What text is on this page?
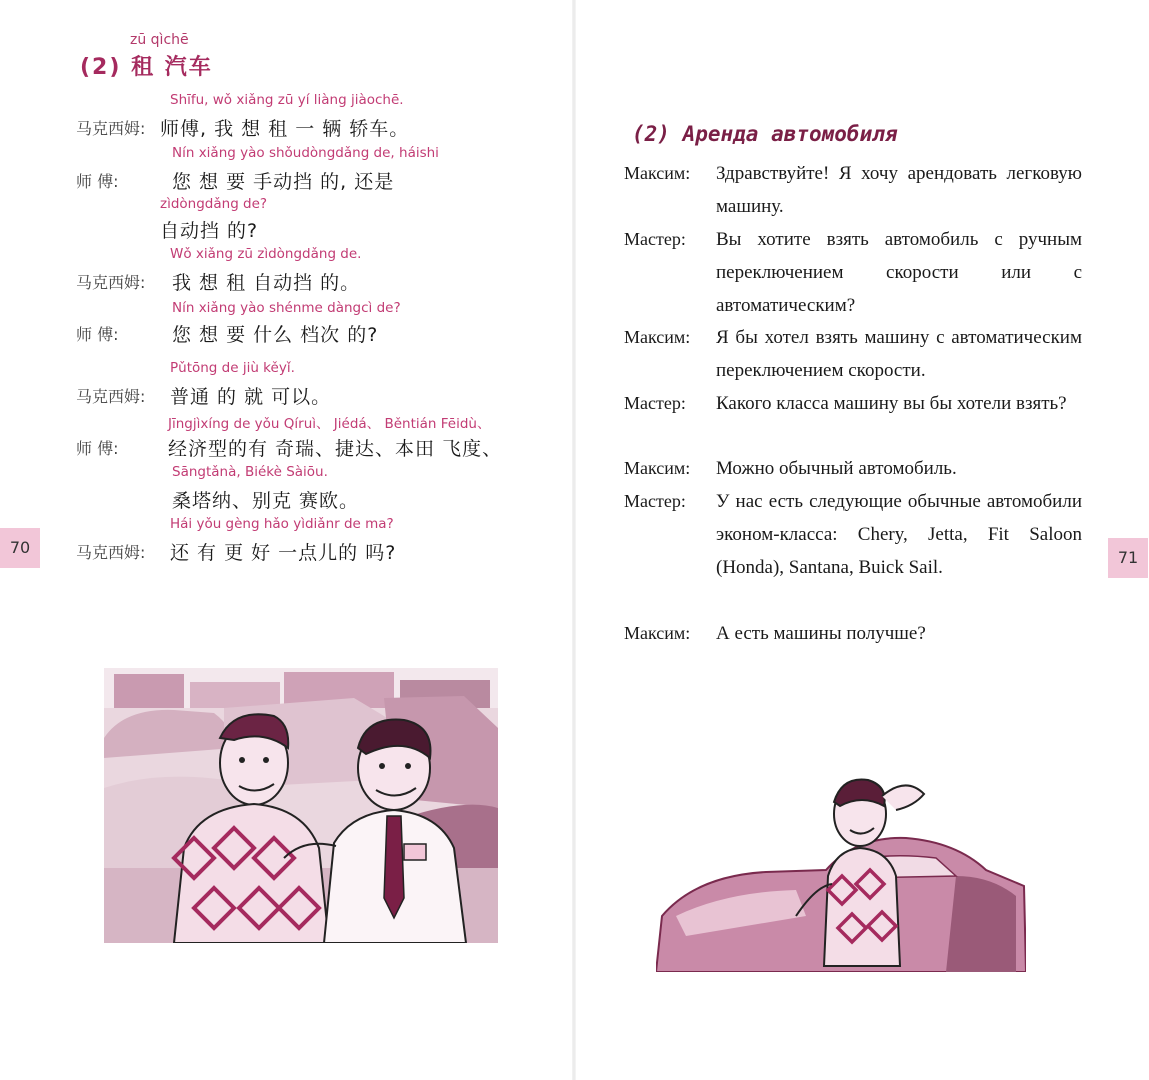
zū qìchē
(2) 租 汽车
Shīfu, wǒ xiǎng zū yí liàng jiàochē.
马克西姆: 师傅, 我 想 租 一 辆 轿车。
Nín xiǎng yào shǒudòngdǎng de, háishi
师 傅:	您 想 要 手动挡 的, 还是
zìdòngdǎng de?
自动挡 的?
Wǒ xiǎng zū zìdòngdǎng de.
马克西姆: 我 想 租 自动挡 的。
Nín xiǎng yào shénme dàngcì de?
师 傅:	您 想 要 什么 档次 的?
Pǔtōng de jiù kěyǐ.
马克西姆: 普通 的 就 可以。
Jīngjìxíng de yǒu Qíruì、 Jiédá、 Běntián Fēidù、
师 傅:	经济型的有 奇瑞、捷达、本田 飞度、
Sāngtǎnà, Biékè Sàiōu.
桑塔纳、别克 赛欧。
Hái yǒu gèng hǎo yìdiǎnr de ma?
马克西姆: 还 有 更 好 一点儿的 吗?
70
(2) Аренда автомобиля
Максим: Здравствуйте! Я хочу арендовать легковую машину.
Мастер: Вы хотите взять автомобиль с ручным переключением скорости или с автоматическим?
Максим: Я бы хотел взять машину с автоматическим переключением скорости.
Мастер: Какого класса машину вы бы хотели взять?
Максим: Можно обычный автомобиль.
Мастер: У нас есть следующие обычные автомобили эконом-класса: Chery, Jetta, Fit Saloon (Honda), Santana, Buick Sail.
Максим: А есть машины получше?
71
